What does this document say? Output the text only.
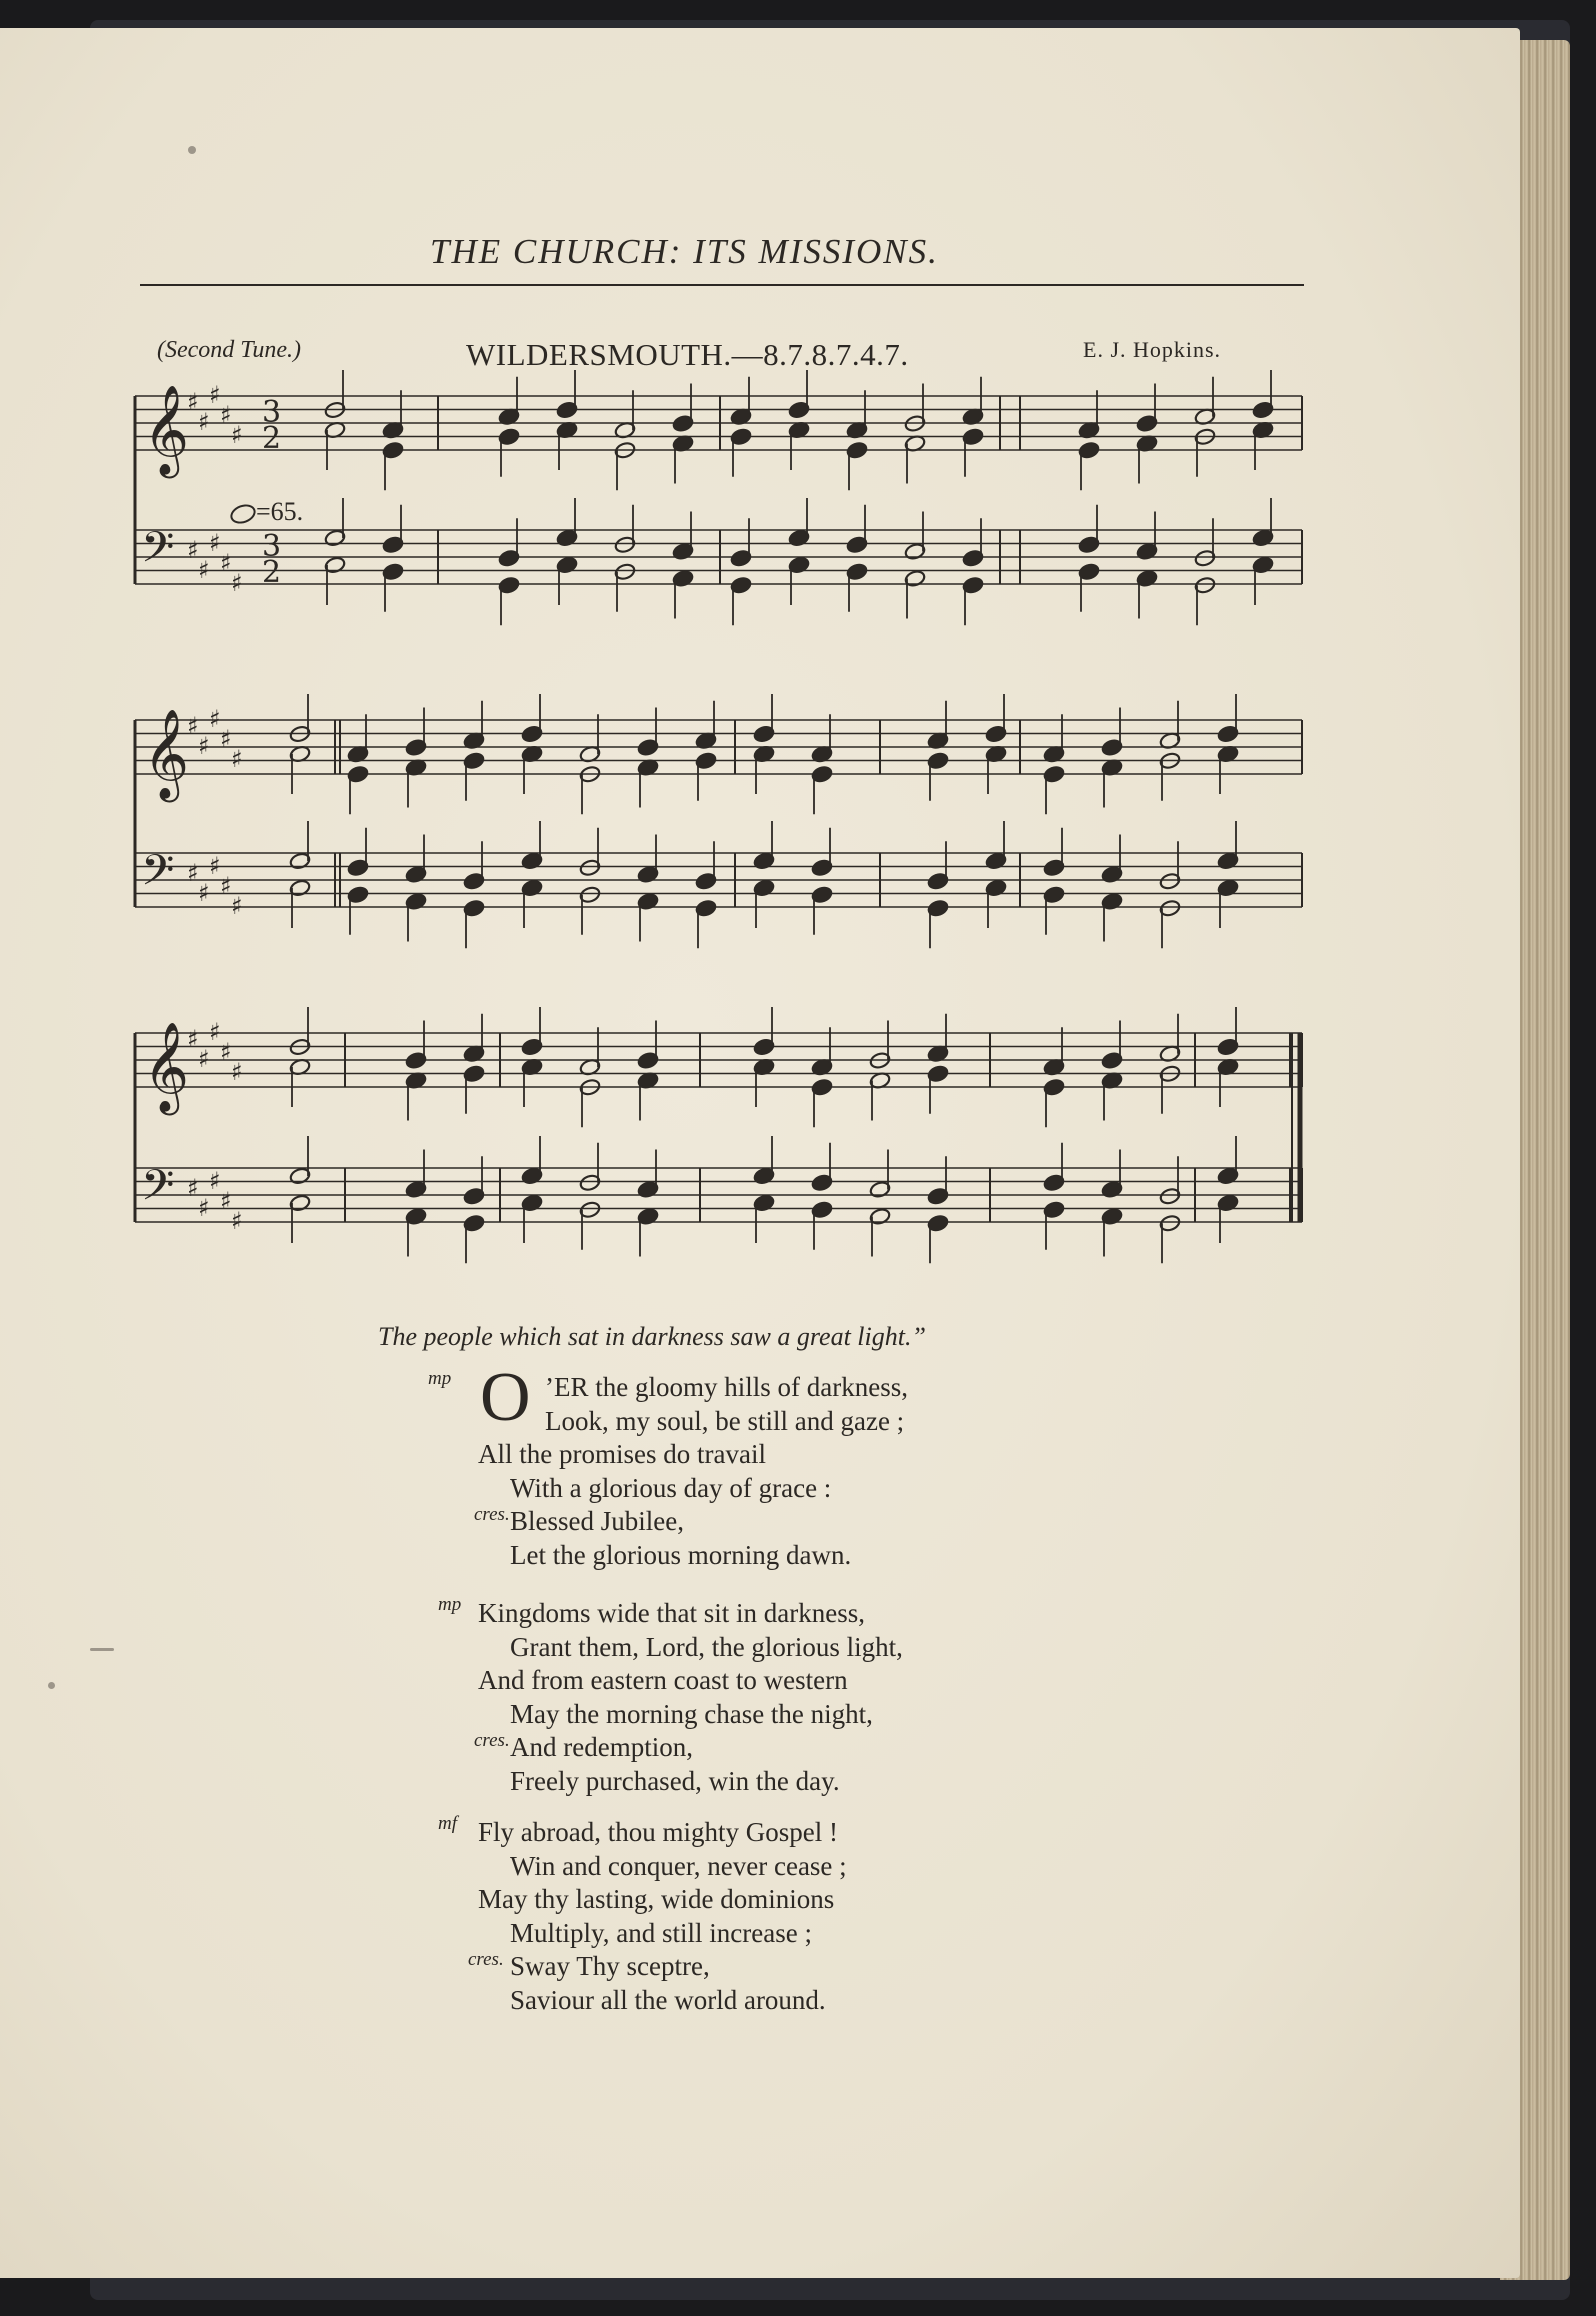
THE CHURCH: ITS MISSIONS.
(Second Tune.)	WILDERSMOUTH.—8.7.8.7.4.7.	E. J. Hopkins.
𝄞
𝄢
♯
♯
♯
♯
♯
♯
♯
♯
♯
♯
3
2
3
2
𝄞
𝄢
♯
♯
♯
♯
♯
♯
♯
♯
♯
♯
𝄞
𝄢
♯
♯
♯
♯
♯
♯
♯
♯
♯
♯
=65.
The people which sat in darkness saw a great light.”
O ’ER the gloomy hills of darkness,
Look, my soul, be still and gaze ;
All the promises do travail
With a glorious day of grace :
Blessed Jubilee,
Let the glorious morning dawn.
mp
cres.
Kingdoms wide that sit in darkness,
Grant them, Lord, the glorious light,
And from eastern coast to western
May the morning chase the night,
And redemption,
Freely purchased, win the day.
mp
cres.
Fly abroad, thou mighty Gospel !
Win and conquer, never cease ;
May thy lasting, wide dominions
Multiply, and still increase ;
Sway Thy sceptre,
Saviour all the world around.
mf
cres.
